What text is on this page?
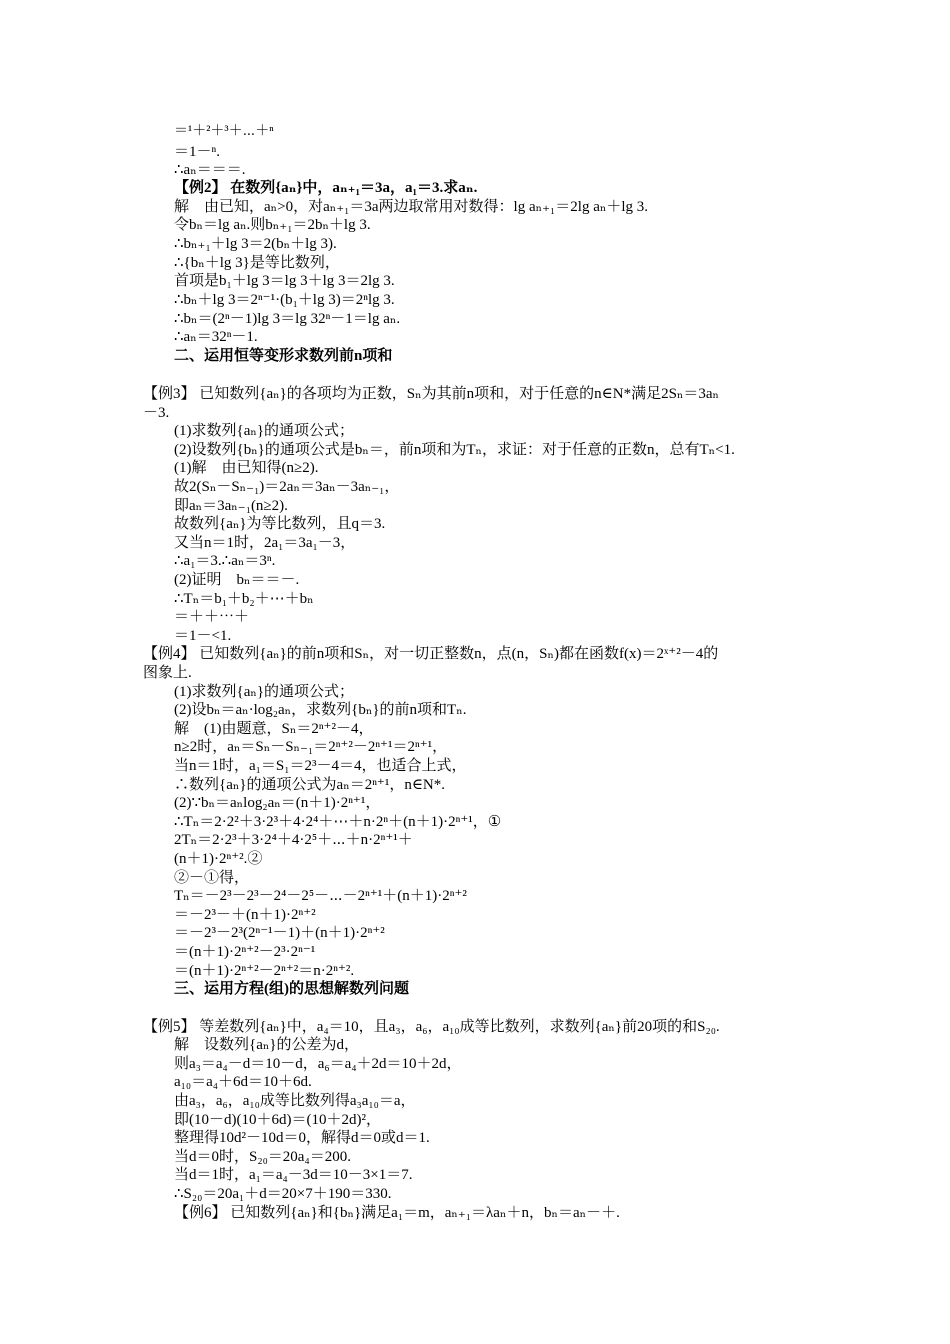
＝¹＋²＋³＋⋯＋ⁿ
＝1－ⁿ.
∴aₙ＝＝＝.
【例2】 在数列{aₙ}中，aₙ₊₁＝3a，a₁＝3.求aₙ.
解　由已知，aₙ>0，对aₙ₊₁＝3a两边取常用对数得：lg aₙ₊₁＝2lg aₙ＋lg 3.
令bₙ＝lg aₙ.则bₙ₊₁＝2bₙ＋lg 3.
∴bₙ₊₁＋lg 3＝2(bₙ＋lg 3).
∴{bₙ＋lg 3}是等比数列，
首项是b₁＋lg 3＝lg 3＋lg 3＝2lg 3.
∴bₙ＋lg 3＝2ⁿ⁻¹·(b₁＋lg 3)＝2ⁿlg 3.
∴bₙ＝(2ⁿ－1)lg 3＝lg 32ⁿ－1＝lg aₙ.
∴aₙ＝32ⁿ－1.
二、运用恒等变形求数列前n项和
【例3】 已知数列{aₙ}的各项均为正数，Sₙ为其前n项和，对于任意的n∈N*满足2Sₙ＝3aₙ
－3.
(1)求数列{aₙ}的通项公式；
(2)设数列{bₙ}的通项公式是bₙ＝，前n项和为Tₙ，求证：对于任意的正数n，总有Tₙ<1.
(1)解　由已知得(n≥2).
故2(Sₙ－Sₙ₋₁)＝2aₙ＝3aₙ－3aₙ₋₁，
即aₙ＝3aₙ₋₁(n≥2).
故数列{aₙ}为等比数列，且q＝3.
又当n＝1时，2a₁＝3a₁－3，
∴a₁＝3.∴aₙ＝3ⁿ.
(2)证明　bₙ＝＝－.
∴Tₙ＝b₁＋b₂＋⋯＋bₙ
＝＋＋⋯＋
＝1－<1.
【例4】 已知数列{aₙ}的前n项和Sₙ，对一切正整数n，点(n，Sₙ)都在函数f(x)＝2ˣ⁺²－4的
图象上.
(1)求数列{aₙ}的通项公式；
(2)设bₙ＝aₙ·log₂aₙ，求数列{bₙ}的前n项和Tₙ.
解　(1)由题意，Sₙ＝2ⁿ⁺²－4，
n≥2时，aₙ＝Sₙ－Sₙ₋₁＝2ⁿ⁺²－2ⁿ⁺¹＝2ⁿ⁺¹，
当n＝1时，a₁＝S₁＝2³－4＝4，也适合上式，
∴数列{aₙ}的通项公式为aₙ＝2ⁿ⁺¹，n∈N*.
(2)∵bₙ＝aₙlog₂aₙ＝(n＋1)·2ⁿ⁺¹，
∴Tₙ＝2·2²＋3·2³＋4·2⁴＋⋯＋n·2ⁿ＋(n＋1)·2ⁿ⁺¹，①
2Tₙ＝2·2³＋3·2⁴＋4·2⁵＋⋯＋n·2ⁿ⁺¹＋
(n＋1)·2ⁿ⁺².②
②－①得，
Tₙ＝－2³－2³－2⁴－2⁵－⋯－2ⁿ⁺¹＋(n＋1)·2ⁿ⁺²
＝－2³－＋(n＋1)·2ⁿ⁺²
＝－2³－2³(2ⁿ⁻¹－1)＋(n＋1)·2ⁿ⁺²
＝(n＋1)·2ⁿ⁺²－2³·2ⁿ⁻¹
＝(n＋1)·2ⁿ⁺²－2ⁿ⁺²＝n·2ⁿ⁺².
三、运用方程(组)的思想解数列问题
【例5】 等差数列{aₙ}中，a₄＝10，且a₃，a₆，a₁₀成等比数列，求数列{aₙ}前20项的和S₂₀.
解　设数列{aₙ}的公差为d，
则a₃＝a₄－d＝10－d，a₆＝a₄＋2d＝10＋2d，
a₁₀＝a₄＋6d＝10＋6d.
由a₃，a₆，a₁₀成等比数列得a₃a₁₀＝a，
即(10－d)(10＋6d)＝(10＋2d)²，
整理得10d²－10d＝0，解得d＝0或d＝1.
当d＝0时，S₂₀＝20a₄＝200.
当d＝1时，a₁＝a₄－3d＝10－3×1＝7.
∴S₂₀＝20a₁＋d＝20×7＋190＝330.
【例6】 已知数列{aₙ}和{bₙ}满足a₁＝m，aₙ₊₁＝λaₙ＋n，bₙ＝aₙ－＋.
